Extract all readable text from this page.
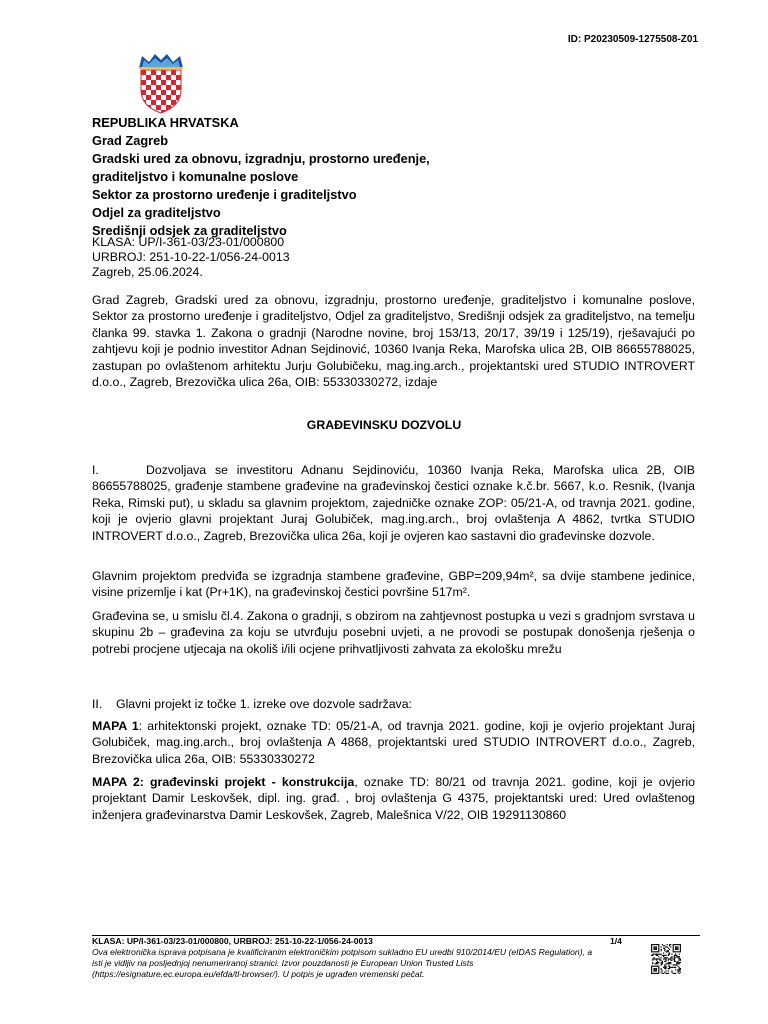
ID: P20230509-1275508-Z01
REPUBLIKA HRVATSKA
Grad Zagreb
Gradski ured za obnovu, izgradnju, prostorno uređenje,
graditeljstvo i komunalne poslove
Sektor za prostorno uređenje i graditeljstvo
Odjel za graditeljstvo
Središnji odsjek za graditeljstvo
KLASA: UP/I-361-03/23-01/000800
URBROJ: 251-10-22-1/056-24-0013
Zagreb, 25.06.2024.
Grad Zagreb, Gradski ured za obnovu, izgradnju, prostorno uređenje, graditeljstvo i komunalne poslove, Sektor za prostorno uređenje i graditeljstvo, Odjel za graditeljstvo, Središnji odsjek za graditeljstvo, na temelju članka 99. stavka 1. Zakona o gradnji (Narodne novine, broj 153/13, 20/17, 39/19 i 125/19), rješavajući po zahtjevu koji je podnio investitor Adnan Sejdinović, 10360 Ivanja Reka, Marofska ulica 2B, OIB 86655788025, zastupan po ovlaštenom arhitektu Jurju Golubičeku, mag.ing.arch., projektantski ured STUDIO INTROVERT d.o.o., Zagreb, Brezovička ulica 26a, OIB: 55330330272, izdaje
GRAĐEVINSKU DOZVOLU
I.	Dozvoljava se investitoru Adnanu Sejdinoviću, 10360 Ivanja Reka, Marofska ulica 2B, OIB 86655788025, građenje stambene građevine na građevinskoj čestici oznake k.č.br. 5667, k.o. Resnik, (Ivanja Reka, Rimski put), u skladu sa glavnim projektom, zajedničke oznake ZOP: 05/21-A, od travnja 2021. godine, koji je ovjerio glavni projektant Juraj Golubiček, mag.ing.arch., broj ovlaštenja A 4862, tvrtka STUDIO INTROVERT d.o.o., Zagreb, Brezovička ulica 26a, koji je ovjeren kao sastavni dio građevinske dozvole.
Glavnim projektom predviđa se izgradnja stambene građevine, GBP=209,94m², sa dvije stambene jedinice, visine prizemlje i kat (Pr+1K), na građevinskoj čestici površine 517m².
Građevina se, u smislu čl.4. Zakona o gradnji, s obzirom na zahtjevnost postupka u vezi s gradnjom svrstava u skupinu 2b – građevina za koju se utvrđuju posebni uvjeti, a ne provodi se postupak donošenja rješenja o potrebi procjene utjecaja na okoliš i/ili ocjene prihvatljivosti zahvata za ekološku mrežu
II. Glavni projekt iz točke 1. izreke ove dozvole sadržava:
MAPA 1: arhitektonski projekt, oznake TD: 05/21-A, od travnja 2021. godine, koji je ovjerio projektant Juraj Golubiček, mag.ing.arch., broj ovlaštenja A 4868, projektantski ured STUDIO INTROVERT d.o.o., Zagreb, Brezovička ulica 26a, OIB: 55330330272
MAPA 2: građevinski projekt - konstrukcija, oznake TD: 80/21 od travnja 2021. godine, koji je ovjerio projektant Damir Leskovšek, dipl. ing. građ. , broj ovlaštenja G 4375, projektantski ured: Ured ovlaštenog inženjera građevinarstva Damir Leskovšek, Zagreb, Malešnica V/22, OIB 19291130860
KLASA: UP/I-361-03/23-01/000800, URBROJ: 251-10-22-1/056-24-0013	1/4
Ova elektronička isprava potpisana je kvalificiranim elektroničkim potpisom sukladno EU uredbi 910/2014/EU (eIDAS Regulation), a isti je vidljiv na posljednjoj nenumeriranoj stranici. Izvor pouzdanosti je European Union Trusted Lists (https://esignature.ec.europa.eu/efda/tl-browser/). U potpis je ugrađen vremenski pečat.
